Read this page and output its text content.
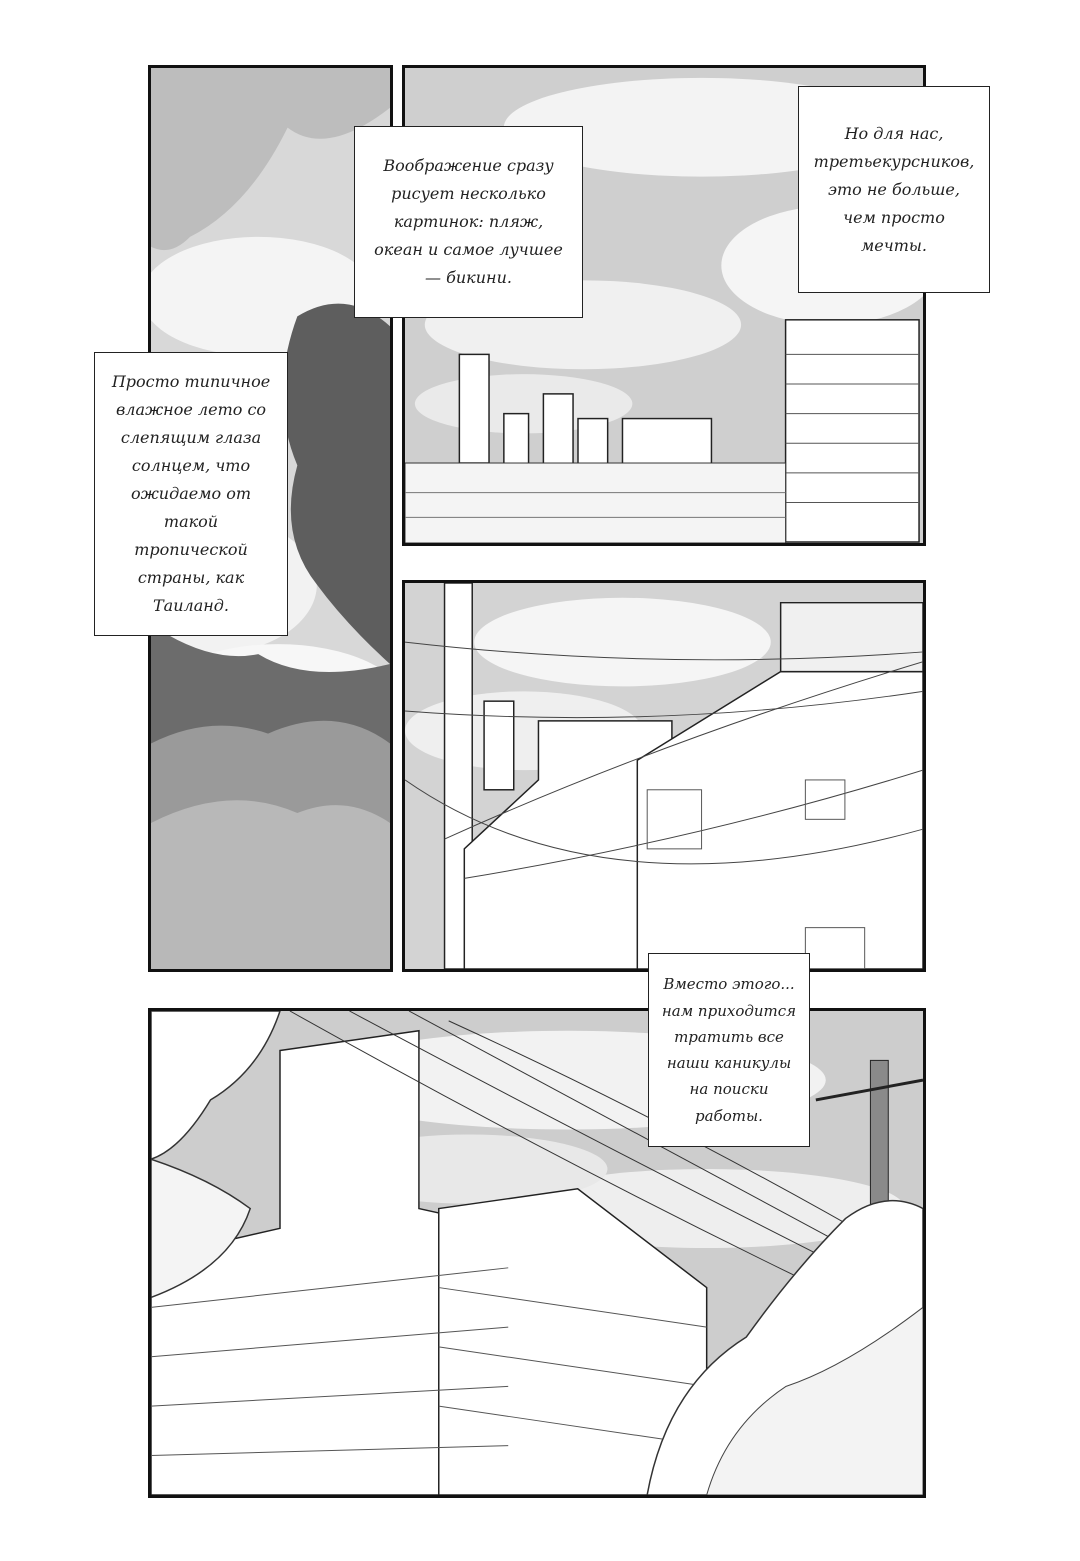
Воображение сразу рисует несколько картинок: пляж, океан и самое лучшее — бикини.
Но для нас, третьекурсников, это не больше, чем просто мечты.
Просто типичное влажное лето со слепящим глаза солнцем, что ожидаемо от такой тропической страны, как Таиланд.
Вместо этого... нам приходится тратить все наши каникулы на поиски работы.
